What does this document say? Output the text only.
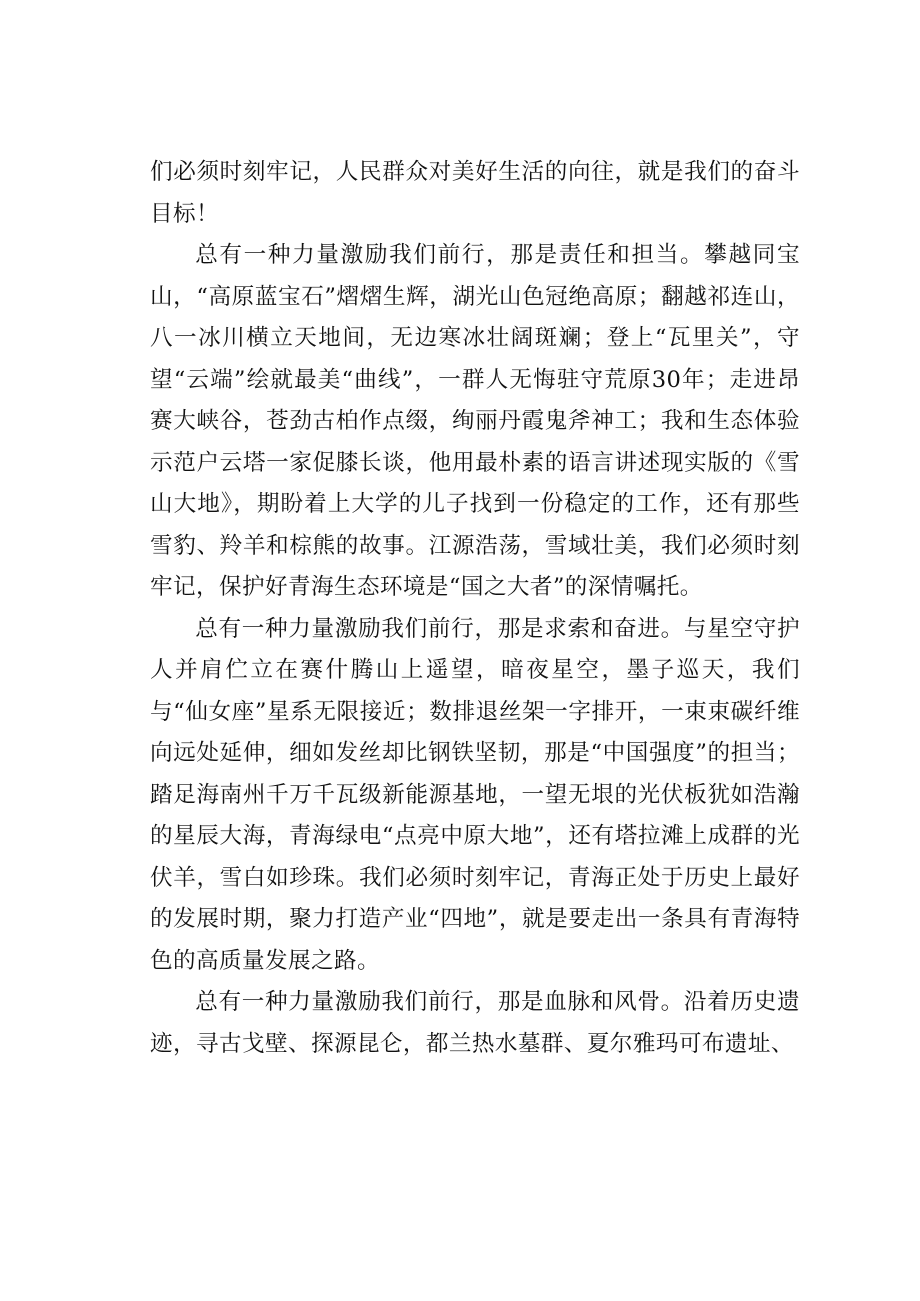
们必须时刻牢记，人民群众对美好生活的向往，就是我们的奋斗目标！

总有一种力量激励我们前行，那是责任和担当。攀越同宝山，“高原蓝宝石”熠熠生辉，湖光山色冠绝高原；翻越祁连山，八一冰川横立天地间，无边寒冰壮阔斑斓；登上“瓦里关”，守望“云端”绘就最美“曲线”，一群人无悔驻守荒原30年；走进昂赛大峡谷，苍劲古柏作点缀，绚丽丹霞鬼斧神工；我和生态体验示范户云塔一家促膝长谈，他用最朴素的语言讲述现实版的《雪山大地》，期盼着上大学的儿子找到一份稳定的工作，还有那些雪豹、羚羊和棕熊的故事。江源浩荡，雪域壮美，我们必须时刻牢记，保护好青海生态环境是“国之大者”的深情嘱托。

总有一种力量激励我们前行，那是求索和奋进。与星空守护人并肩伫立在赛什腾山上遥望，暗夜星空，墨子巡天，我们与“仙女座”星系无限接近；数排退丝架一字排开，一束束碳纤维向远处延伸，细如发丝却比钢铁坚韧，那是“中国强度”的担当；踏足海南州千万千瓦级新能源基地，一望无垠的光伏板犹如浩瀚的星辰大海，青海绿电“点亮中原大地”，还有塔拉滩上成群的光伏羊，雪白如珍珠。我们必须时刻牢记，青海正处于历史上最好的发展时期，聚力打造产业“四地”，就是要走出一条具有青海特色的高质量发展之路。

总有一种力量激励我们前行，那是血脉和风骨。沿着历史遗迹，寻古戈壁、探源昆仑，都兰热水墓群、夏尔雅玛可布遗址、
